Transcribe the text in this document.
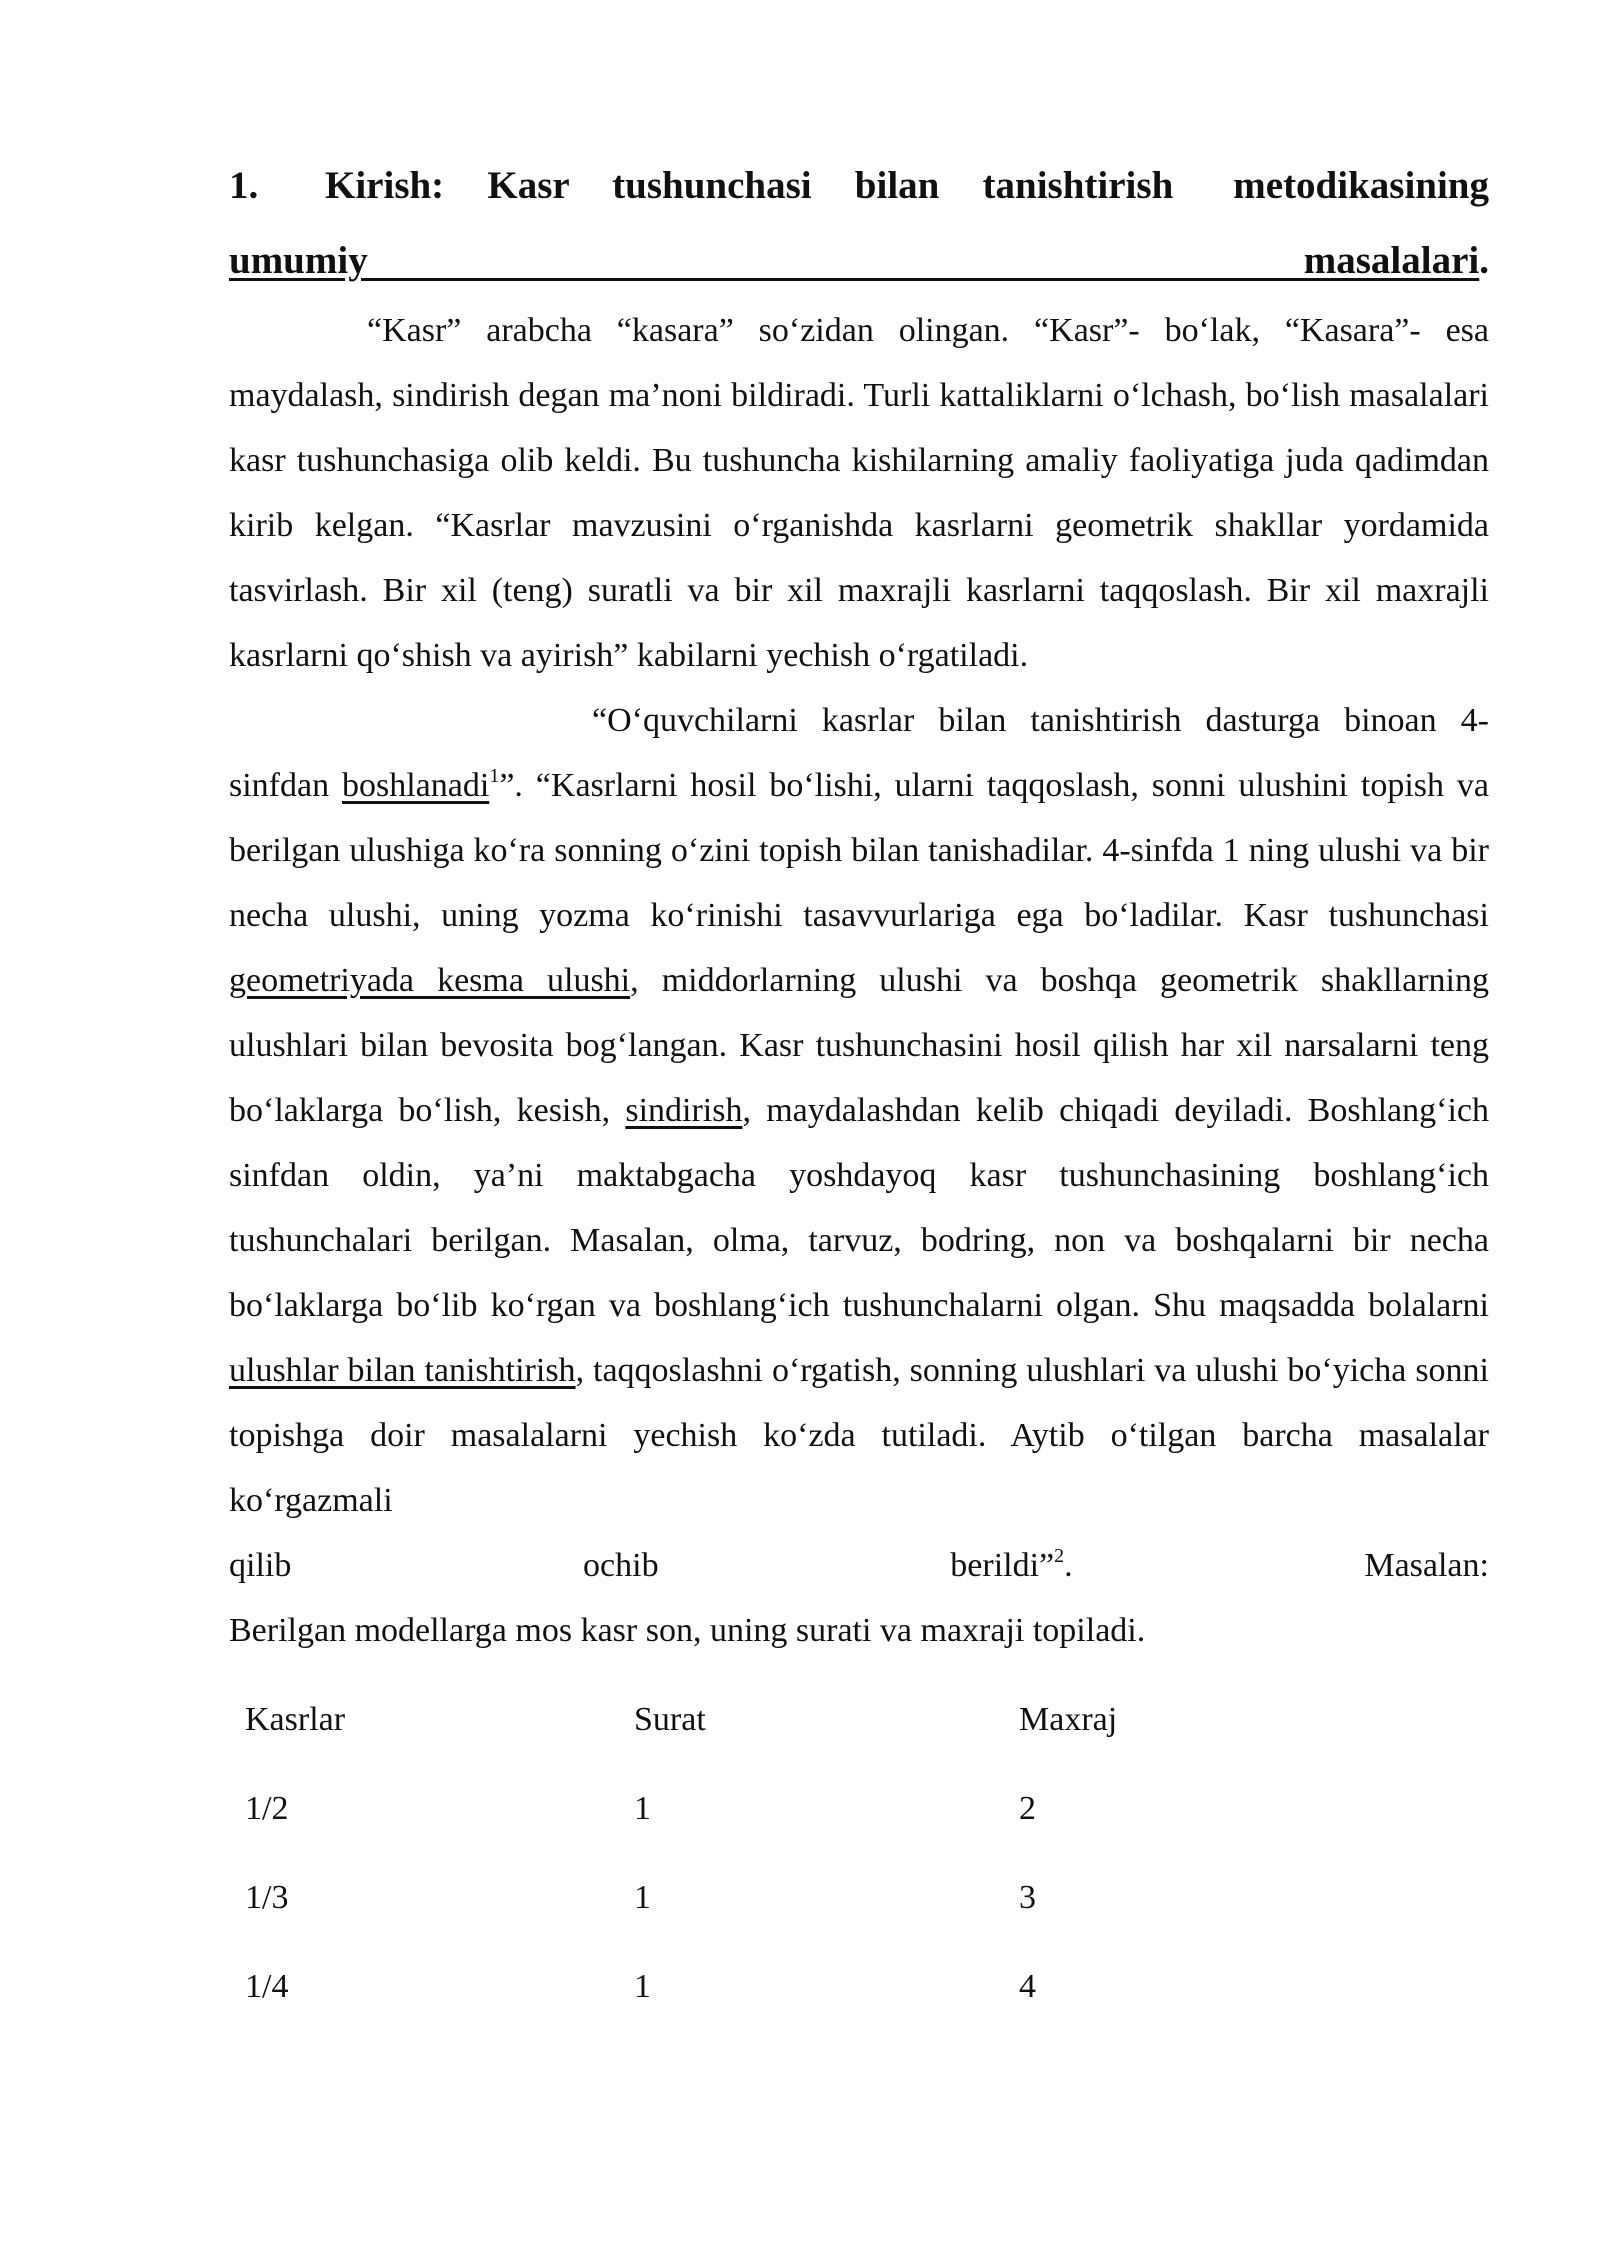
1.	Kirish: Kasr tushunchasi bilan tanishtirish	metodikasining
umumiy masalalari.

“Kasr” arabcha “kasara” so‘zidan olingan. “Kasr”- bo‘lak, “Kasara”- esa maydalash, sindirish degan ma’noni bildiradi. Turli kattaliklarni o‘lchash, bo‘lish masalalari kasr tushunchasiga olib keldi. Bu tushuncha kishilarning amaliy faoliyatiga juda qadimdan kirib kelgan. “Kasrlar mavzusini o‘rganishda kasrlarni geometrik shakllar yordamida tasvirlash. Bir xil (teng) suratli va bir xil maxrajli kasrlarni taqqoslash. Bir xil maxrajli kasrlarni qo‘shish va ayirish” kabilarni yechish o‘rgatiladi.

“O‘quvchilarni kasrlar bilan tanishtirish dasturga binoan 4-sinfdan boshlanadi$^1$”. “Kasrlarni hosil bo‘lishi, ularni taqqoslash, sonni ulushini topish va berilgan ulushiga ko‘ra sonning o‘zini topish bilan tanishadilar. 4-sinfda 1 ning ulushi va bir necha ulushi, uning yozma ko‘rinishi tasavvurlariga ega bo‘ladilar. Kasr tushunchasi geometriyada kesma ulushi, middorlarning ulushi va boshqa geometrik shakllarning ulushlari bilan bevosita bog‘langan. Kasr tushunchasini hosil qilish har xil narsalarni teng bo‘laklarga bo‘lish, kesish, sindirish, maydalashdan kelib chiqadi deyiladi. Boshlang‘ich sinfdan oldin, ya’ni maktabgacha yoshdayoq kasr tushunchasining boshlang‘ich tushunchalari berilgan. Masalan, olma, tarvuz, bodring, non va boshqalarni bir necha bo‘laklarga bo‘lib ko‘rgan va boshlang‘ich tushunchalarni olgan. Shu maqsadda bolalarni ulushlar bilan tanishtirish, taqqoslashni o‘rgatish, sonning ulushlari va ulushi bo‘yicha sonni topishga doir masalalarni yechish ko‘zda tutiladi. Aytib o‘tilgan barcha masalalar ko‘rgazmali

qilib	ochib	berildi”$^2$.	Masalan:

Berilgan modellarga mos kasr son, uning surati va maxraji topiladi.

Kasrlar	Surat	Maxraj
1/2	1	2
1/3	1	3
1/4	1	4
